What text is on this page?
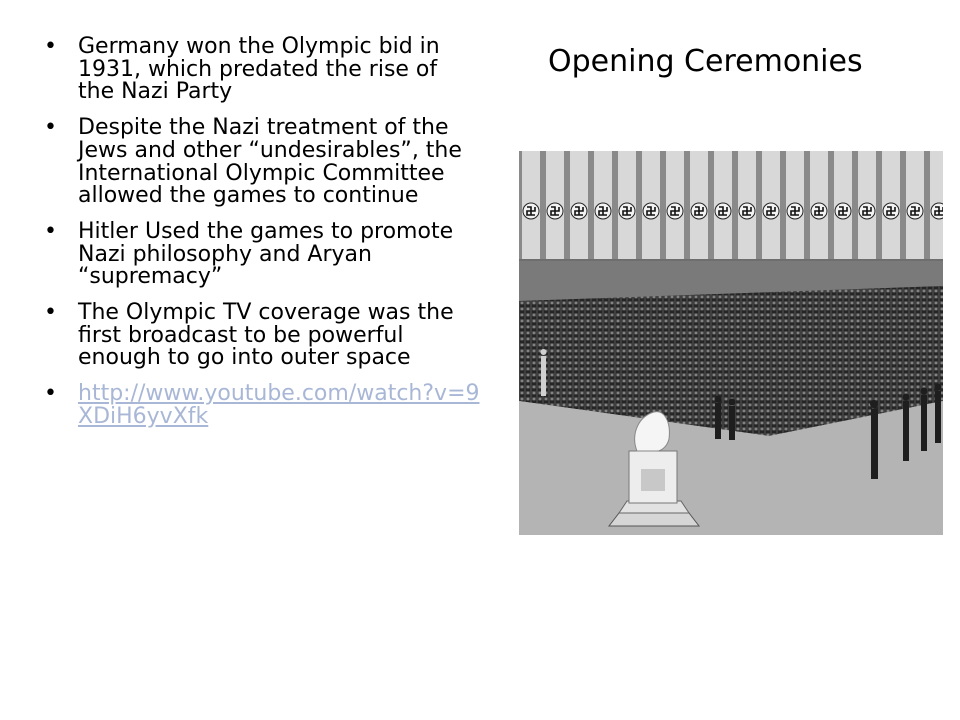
Opening Ceremonies
• Germany won the Olympic bid in 1931, which predated the rise of the Nazi Party
• Despite the Nazi treatment of the Jews and other “undesirables”, the International Olympic Committee allowed the games to continue
• Hitler Used the games to promote Nazi philosophy and Aryan “supremacy”
• The Olympic TV coverage was the first broadcast to be powerful enough to go into outer space
• http://www.youtube.com/watch?v=9XDiH6yvXfk
